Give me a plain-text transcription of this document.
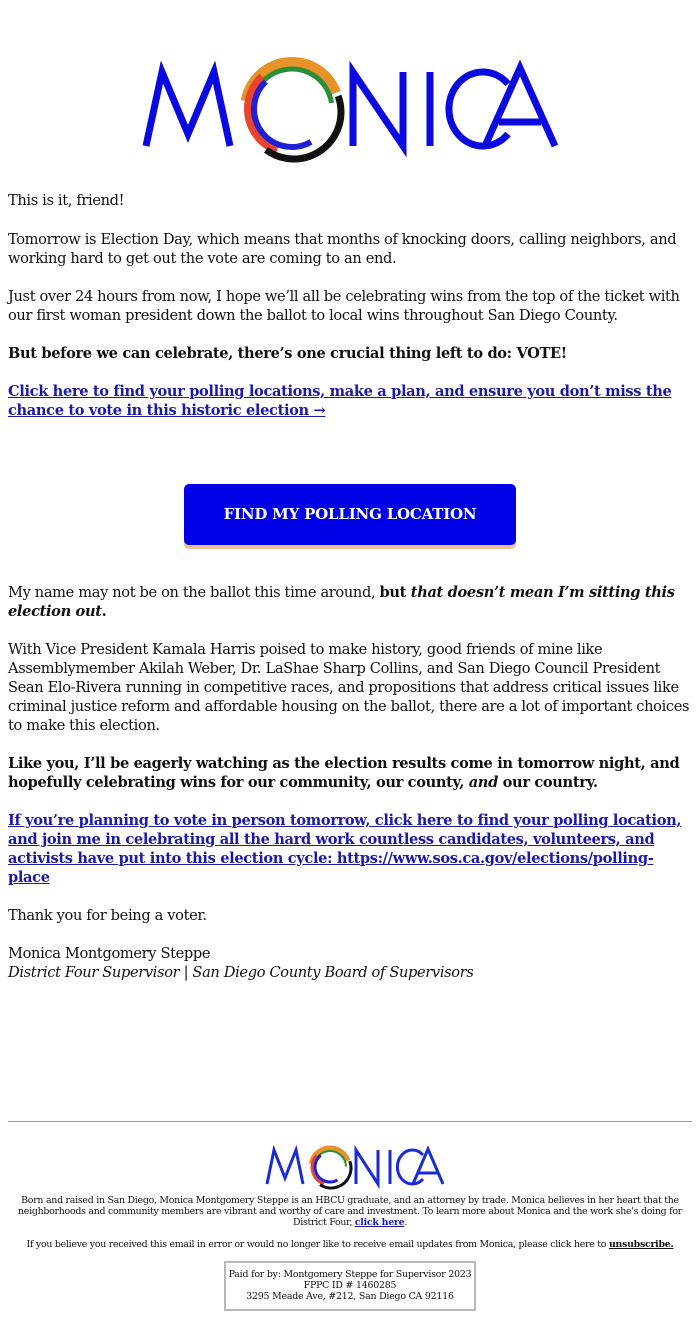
This is it, friend!

Tomorrow is Election Day, which means that months of knocking doors, calling neighbors, and working hard to get out the vote are coming to an end.

Just over 24 hours from now, I hope we’ll all be celebrating wins from the top of the ticket with our first woman president down the ballot to local wins throughout San Diego County.

But before we can celebrate, there’s one crucial thing left to do: VOTE!

Click here to find your polling locations, make a plan, and ensure you don’t miss the chance to vote in this historic election →

FIND MY POLLING LOCATION

My name may not be on the ballot this time around, but that doesn’t mean I’m sitting this election out.

With Vice President Kamala Harris poised to make history, good friends of mine like Assemblymember Akilah Weber, Dr. LaShae Sharp Collins, and San Diego Council President Sean Elo-Rivera running in competitive races, and propositions that address critical issues like criminal justice reform and affordable housing on the ballot, there are a lot of important choices to make this election.

Like you, I’ll be eagerly watching as the election results come in tomorrow night, and hopefully celebrating wins for our community, our county, and our country.

If you’re planning to vote in person tomorrow, click here to find your polling location, and join me in celebrating all the hard work countless candidates, volunteers, and activists have put into this election cycle: https://www.sos.ca.gov/elections/polling-place

Thank you for being a voter.

Monica Montgomery Steppe

District Four Supervisor | San Diego County Board of Supervisors

Born and raised in San Diego, Monica Montgomery Steppe is an HBCU graduate, and an attorney by trade. Monica believes in her heart that the neighborhoods and community members are vibrant and worthy of care and investment. To learn more about Monica and the work she's doing for District Four, click here.

If you believe you received this email in error or would no longer like to receive email updates from Monica, please click here to unsubscribe.

Paid for by: Montgomery Steppe for Supervisor 2023
FPPC ID # 1460285
3295 Meade Ave, #212, San Diego CA 92116
